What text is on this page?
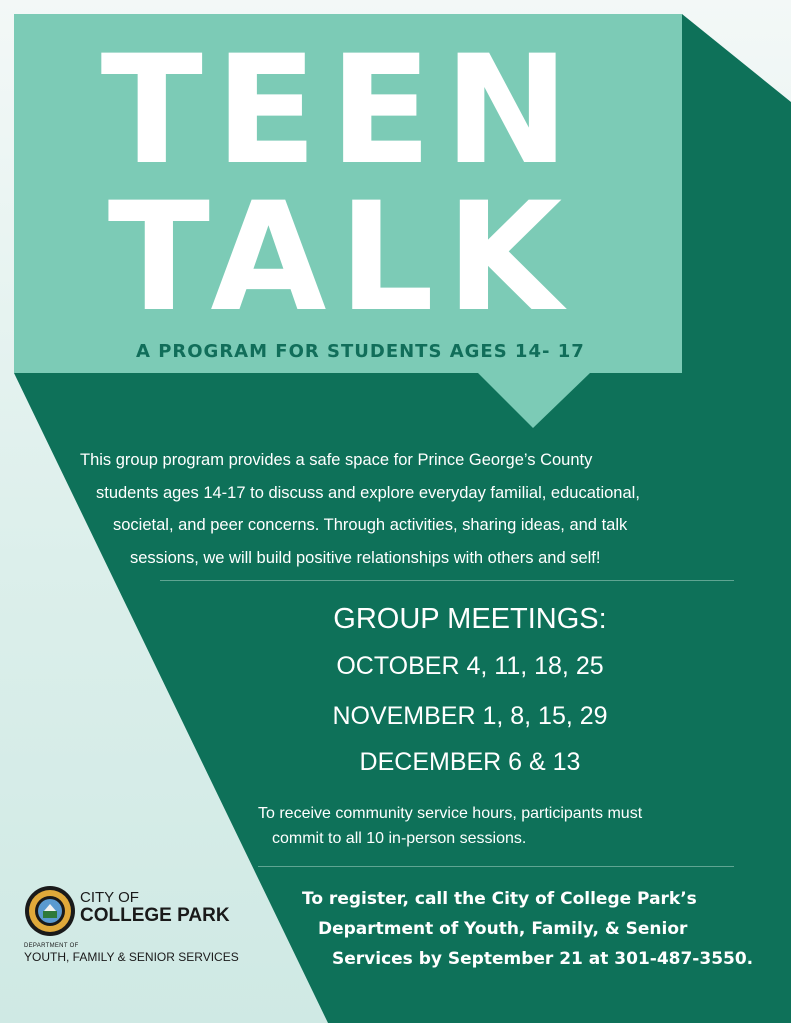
TEEN
TALK
A PROGRAM FOR STUDENTS AGES 14- 17
This group program provides a safe space for Prince George’s County
students ages 14-17 to discuss and explore everyday familial, educational,
societal, and peer concerns. Through activities, sharing ideas, and talk
sessions, we will build positive relationships with others and self!
GROUP MEETINGS:
OCTOBER 4, 11, 18, 25
NOVEMBER 1, 8, 15, 29
DECEMBER 6 & 13
To receive community service hours, participants must
commit to all 10 in-person sessions.
To register, call the City of College Park’s
Department of Youth, Family, & Senior
Services by September 21 at 301-487-3550.
CITY OF
COLLEGE PARK
DEPARTMENT OF
YOUTH, FAMILY & SENIOR SERVICES
